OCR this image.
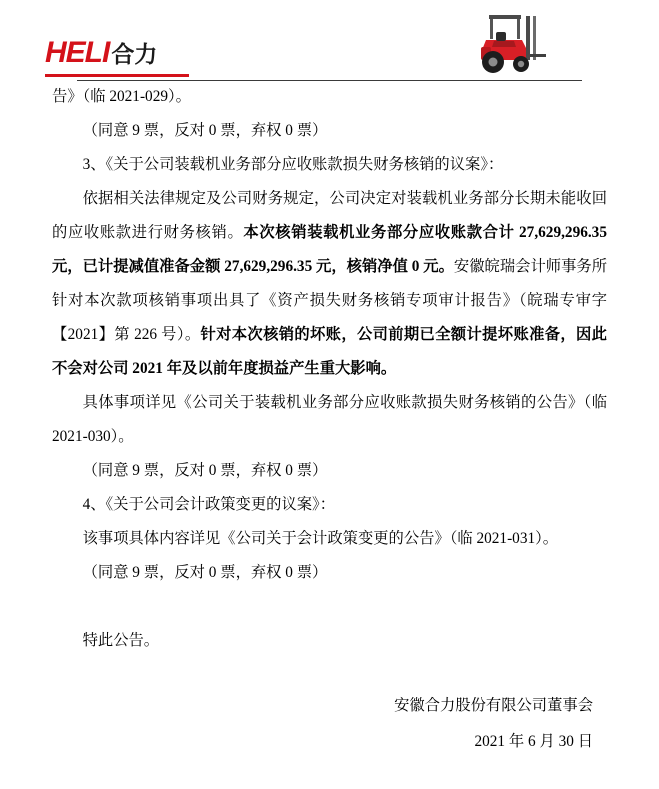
HELI 合力

告》（临 2021-029）。

（同意 9 票，反对 0 票，弃权 0 票）

3、《关于公司装载机业务部分应收账款损失财务核销的议案》：

依据相关法律规定及公司财务规定，公司决定对装载机业务部分长期未能收回的应收账款进行财务核销。本次核销装载机业务部分应收账款合计 27,629,296.35 元，已计提减值准备金额 27,629,296.35 元，核销净值 0 元。安徽皖瑞会计师事务所针对本次款项核销事项出具了《资产损失财务核销专项审计报告》（皖瑞专审字【2021】第 226 号）。针对本次核销的坏账，公司前期已全额计提坏账准备，因此不会对公司 2021 年及以前年度损益产生重大影响。

具体事项详见《公司关于装载机业务部分应收账款损失财务核销的公告》（临 2021-030）。

（同意 9 票，反对 0 票，弃权 0 票）

4、《关于公司会计政策变更的议案》：

该事项具体内容详见《公司关于会计政策变更的公告》（临 2021-031）。

（同意 9 票，反对 0 票，弃权 0 票）

特此公告。

安徽合力股份有限公司董事会
2021 年 6 月 30 日
